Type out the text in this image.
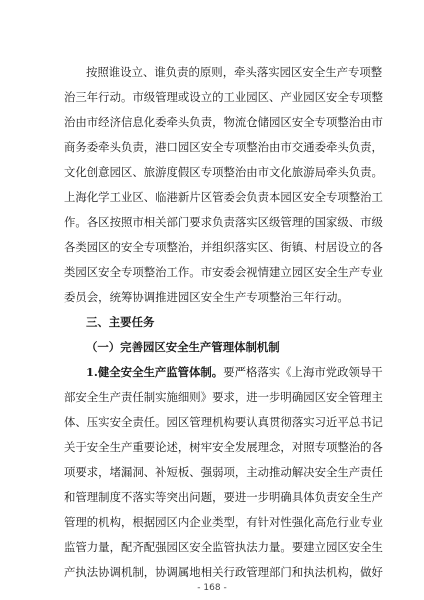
按照谁设立、谁负责的原则，牵头落实园区安全生产专项整
治三年行动。市级管理或设立的工业园区、产业园区安全专项整
治由市经济信息化委牵头负责，物流仓储园区安全专项整治由市
商务委牵头负责，港口园区安全专项整治由市交通委牵头负责，
文化创意园区、旅游度假区专项整治由市文化旅游局牵头负责。
上海化学工业区、临港新片区管委会负责本园区安全专项整治工
作。各区按照市相关部门要求负责落实区级管理的国家级、市级
各类园区的安全专项整治，并组织落实区、街镇、村居设立的各
类园区安全专项整治工作。市安委会视情建立园区安全生产专业
委员会，统筹协调推进园区安全生产专项整治三年行动。
三、主要任务
（一）完善园区安全生产管理体制机制
1.健全安全生产监管体制。要严格落实《上海市党政领导干
部安全生产责任制实施细则》要求，进一步明确园区安全管理主
体、压实安全责任。园区管理机构要认真贯彻落实习近平总书记
关于安全生产重要论述，树牢安全发展理念，对照专项整治的各
项要求，堵漏洞、补短板、强弱项，主动推动解决安全生产责任
和管理制度不落实等突出问题，要进一步明确具体负责安全生产
管理的机构，根据园区内企业类型，有针对性强化高危行业专业
监管力量，配齐配强园区安全监管执法力量。要建立园区安全生
产执法协调机制，协调属地相关行政管理部门和执法机构，做好
- 168 -
